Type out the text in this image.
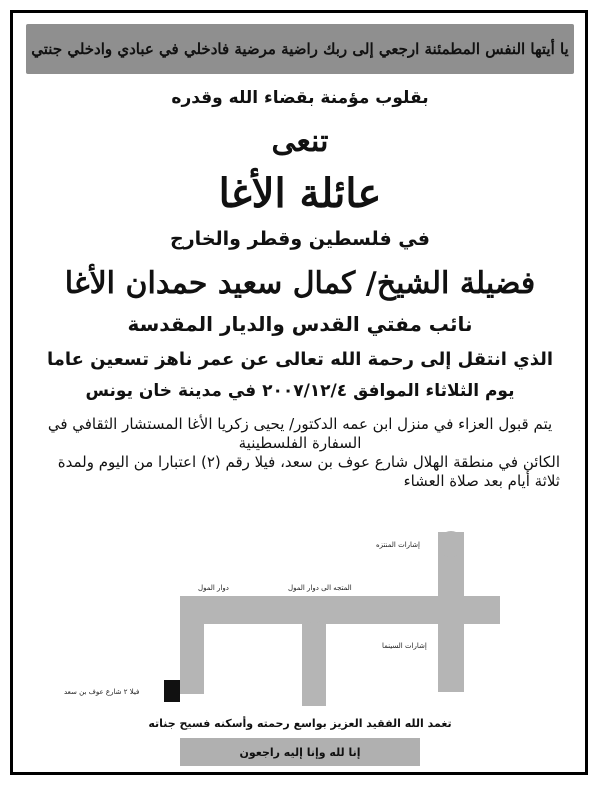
يا أيتها النفس المطمئنة ارجعي إلى ربك راضية مرضية فادخلي في عبادي وادخلي جنتي
بقلوب مؤمنة بقضاء الله وقدره
تنعى
عائلة الأغا
في فلسطين وقطر والخارج
فضيلة الشيخ/ كمال سعيد حمدان الأغا
نائب مفتي القدس والديار المقدسة
الذي انتقل إلى رحمة الله تعالى عن عمر ناهز تسعين عاما
يوم الثلاثاء الموافق ٢٠٠٧/١٢/٤ في مدينة خان يونس
يتم قبول العزاء في منزل ابن عمه الدكتور/ يحيى زكريا الأغا المستشار الثقافي في السفارة الفلسطينية
الكائن في منطقة الهلال شارع عوف بن سعد، فيلا رقم (٢) اعتبارا من اليوم ولمدة ثلاثة أيام بعد صلاة العشاء
إشارات المنتزه
دوار المول	المتجه الى دوار المول
إشارات السينما
فيلا ٢ شارع عوف بن سعد
تغمد الله الفقيد العزيز بواسع رحمته وأسكنه فسيح جناته
إنا لله وإنا إليه راجعون
